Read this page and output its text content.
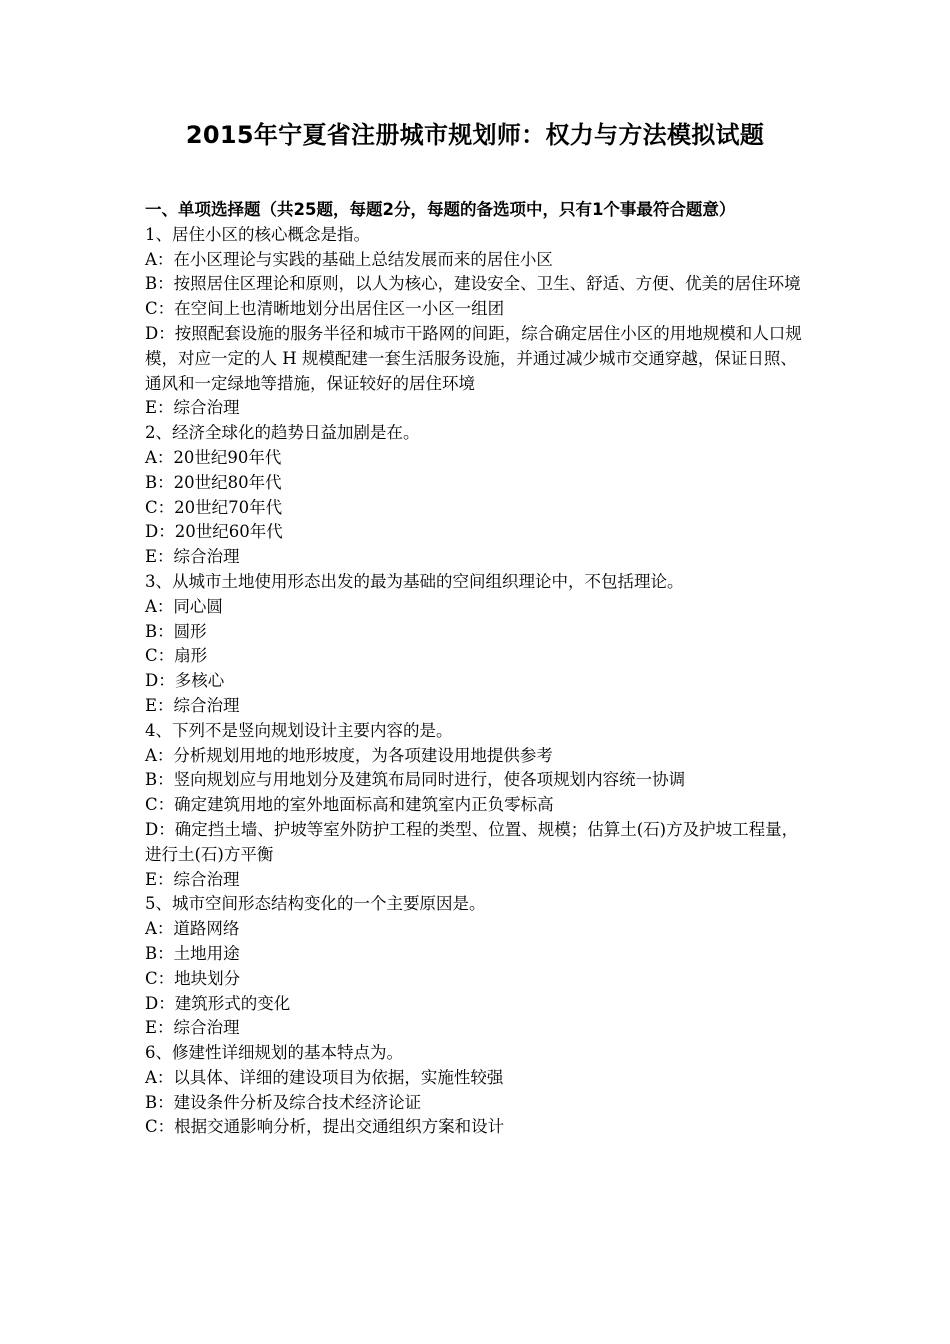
2015年宁夏省注册城市规划师：权力与方法模拟试题

一、单项选择题（共25题，每题2分，每题的备选项中，只有1个事最符合题意）

1、居住小区的核心概念是指。

A：在小区理论与实践的基础上总结发展而来的居住小区

B：按照居住区理论和原则，以人为核心，建设安全、卫生、舒适、方便、优美的居住环境

C：在空间上也清晰地划分出居住区一小区一组团

D：按照配套设施的服务半径和城市干路网的间距，综合确定居住小区的用地规模和人口规模，对应一定的人 H 规模配建一套生活服务设施，并通过减少城市交通穿越，保证日照、通风和一定绿地等措施，保证较好的居住环境

E：综合治理

2、经济全球化的趋势日益加剧是在。

A：20世纪90年代

B：20世纪80年代

C：20世纪70年代

D：20世纪60年代

E：综合治理

3、从城市土地使用形态出发的最为基础的空间组织理论中，不包括理论。

A：同心圆

B：圆形

C：扇形

D：多核心

E：综合治理

4、下列不是竖向规划设计主要内容的是。

A：分析规划用地的地形坡度，为各项建设用地提供参考

B：竖向规划应与用地划分及建筑布局同时进行，使各项规划内容统一协调

C：确定建筑用地的室外地面标高和建筑室内正负零标高

D：确定挡土墙、护坡等室外防护工程的类型、位置、规模；估算土(石)方及护坡工程量，进行土(石)方平衡

E：综合治理

5、城市空间形态结构变化的一个主要原因是。

A：道路网络

B：土地用途

C：地块划分

D：建筑形式的变化

E：综合治理

6、修建性详细规划的基本特点为。

A：以具体、详细的建设项目为依据，实施性较强

B：建设条件分析及综合技术经济论证

C：根据交通影响分析，提出交通组织方案和设计
